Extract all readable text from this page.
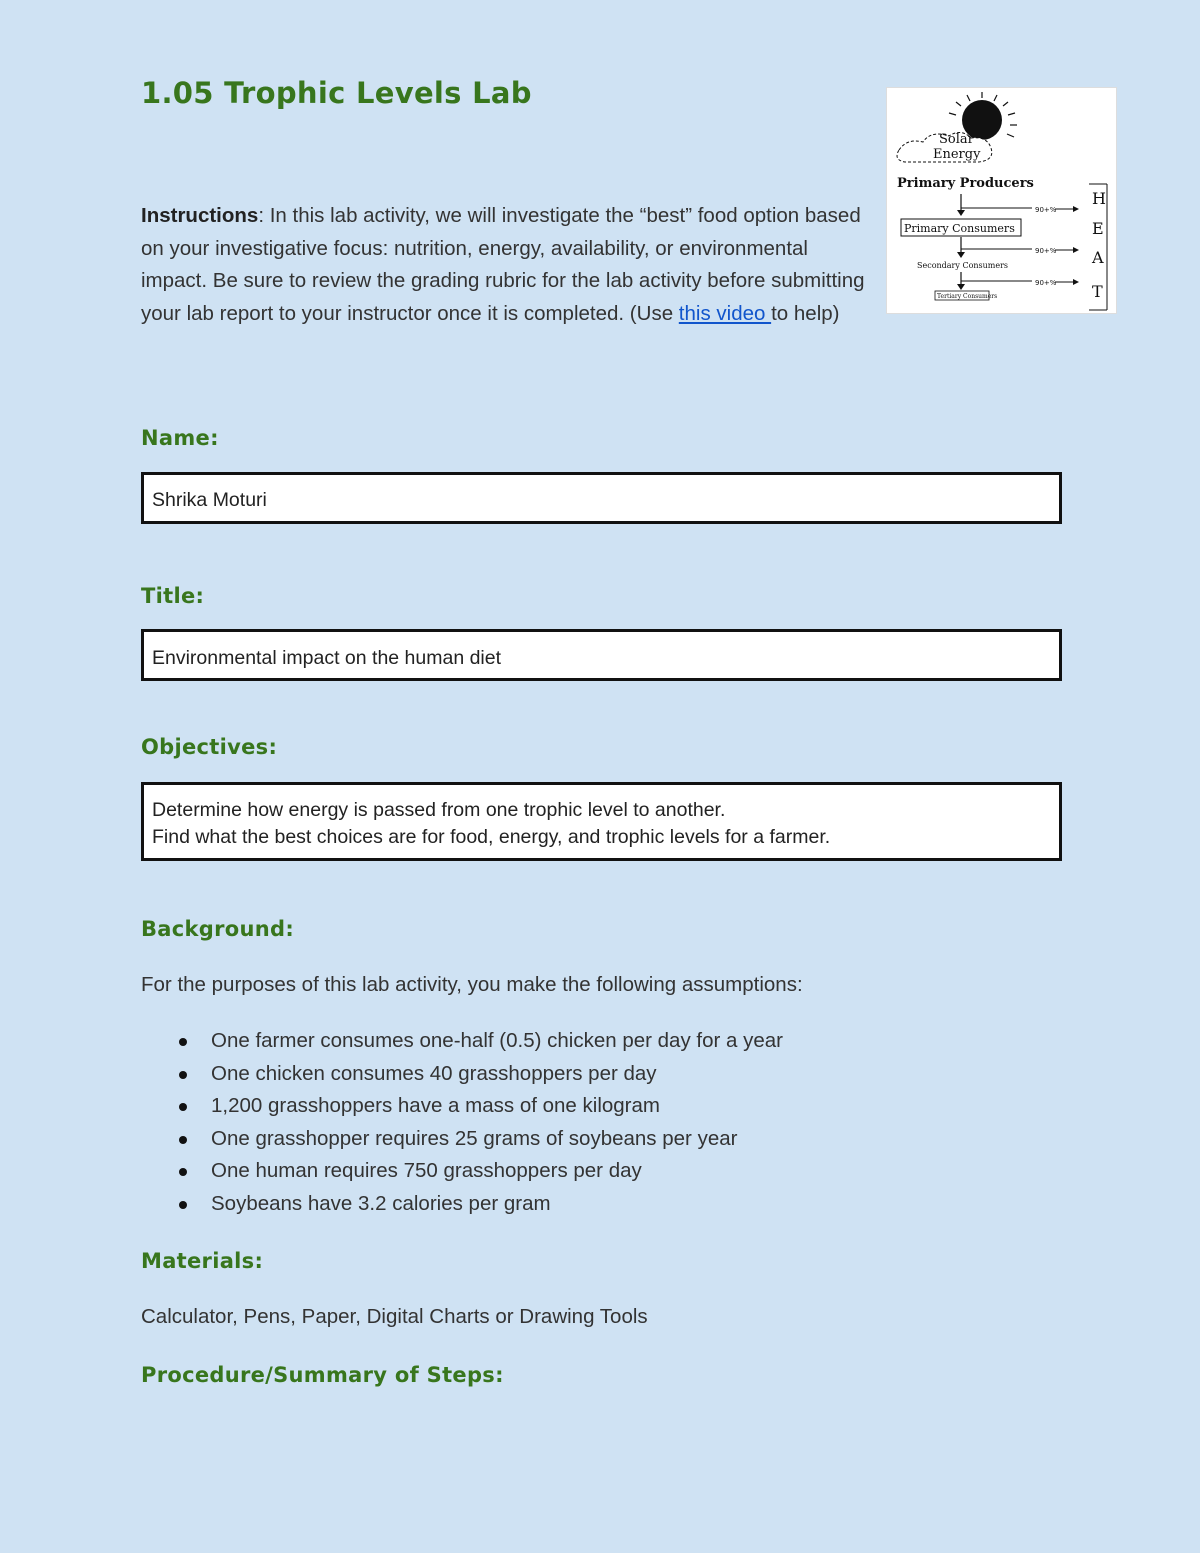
1.05 Trophic Levels Lab
Instructions: In this lab activity, we will investigate the “best” food option based on your investigative focus: nutrition, energy, availability, or environmental impact. Be sure to review the grading rubric for the lab activity before submitting your lab report to your instructor once it is completed. (Use this video to help)
Solar
Energy
Primary Producers
90+%
Primary Consumers
90+%
Secondary Consumers
90+%
Tertiary Consumers
H
E
A
T
Name:
Shrika Moturi
Title:
Environmental impact on the human diet
Objectives:
Determine how energy is passed from one trophic level to another.
Find what the best choices are for food, energy, and trophic levels for a farmer.
Background:
For the purposes of this lab activity, you make the following assumptions:
One farmer consumes one-half (0.5) chicken per day for a year
One chicken consumes 40 grasshoppers per day
1,200 grasshoppers have a mass of one kilogram
One grasshopper requires 25 grams of soybeans per year
One human requires 750 grasshoppers per day
Soybeans have 3.2 calories per gram
Materials:
Calculator, Pens, Paper, Digital Charts or Drawing Tools
Procedure/Summary of Steps:
